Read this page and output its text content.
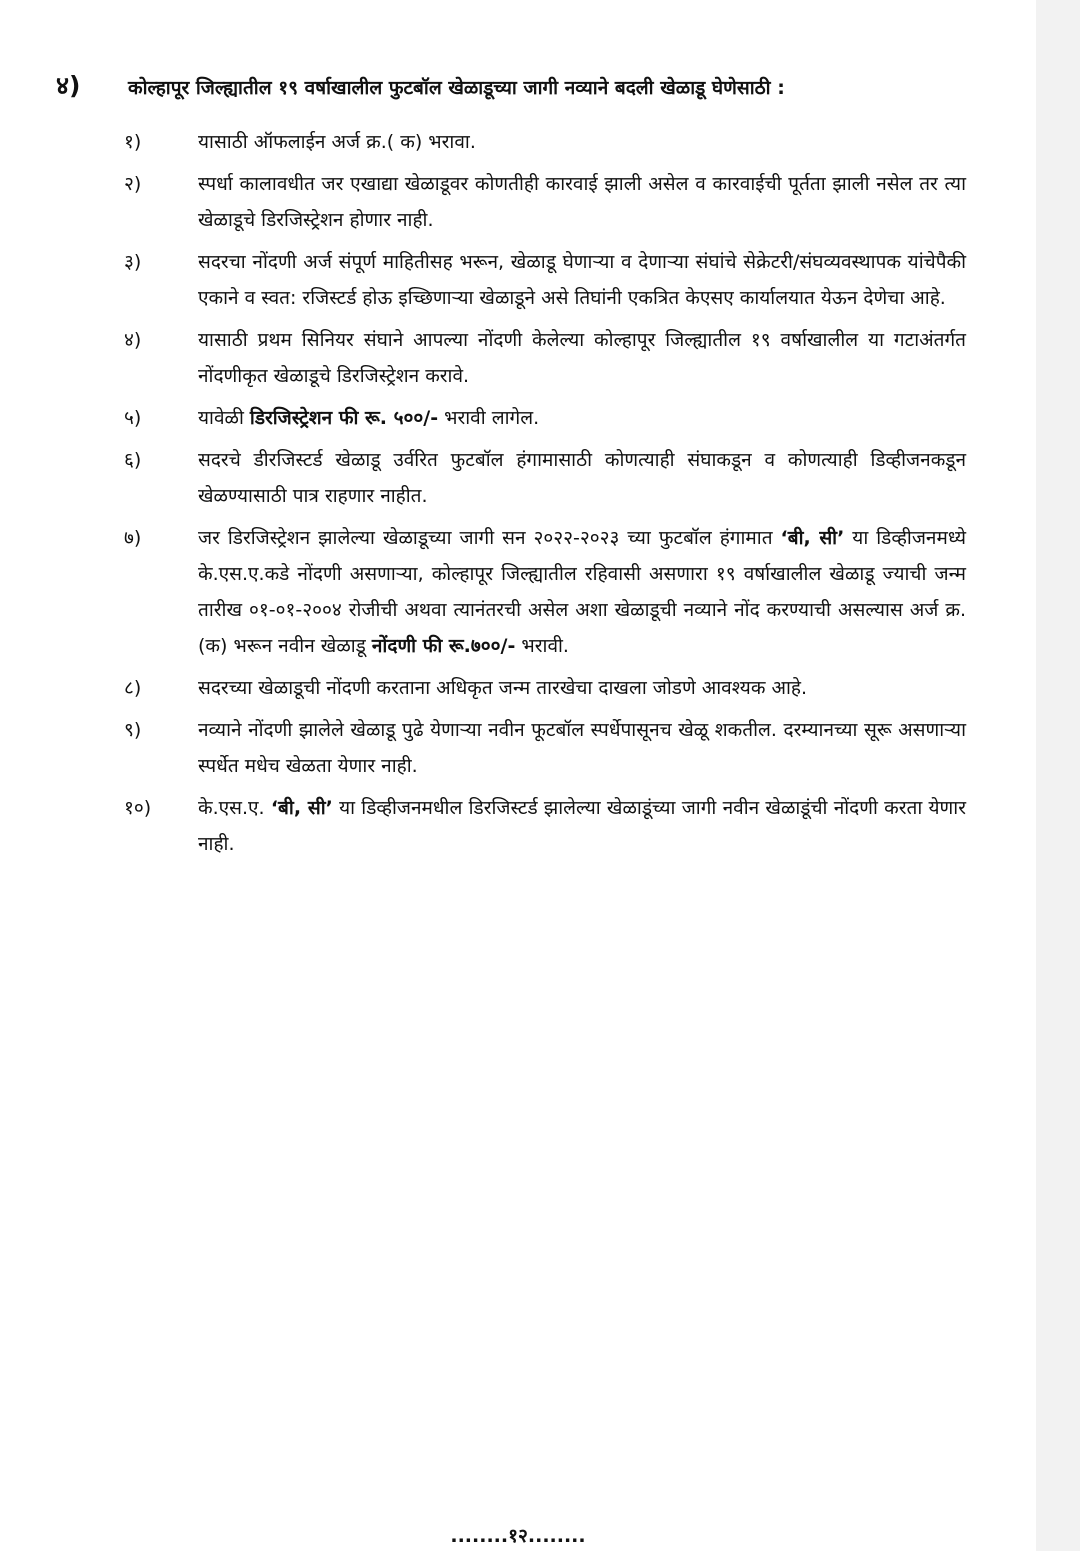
४)	कोल्हापूर जिल्ह्यातील १९ वर्षाखालील फुटबॉल खेळाडूच्या जागी नव्याने बदली खेळाडू घेणेसाठी :
१)	यासाठी ऑफलाईन अर्ज क्र.( क) भरावा.
२)	स्पर्धा कालावधीत जर एखाद्या खेळाडूवर कोणतीही कारवाई झाली असेल व कारवाईची पूर्तता झाली नसेल तर त्या खेळाडूचे डिरजिस्ट्रेशन होणार नाही.
३)	सदरचा नोंदणी अर्ज संपूर्ण माहितीसह भरून, खेळाडू घेणाऱ्या व देणाऱ्या संघांचे सेक्रेटरी/संघव्यवस्थापक यांचेपैकी एकाने व स्वत: रजिस्टर्ड होऊ इच्छिणाऱ्या खेळाडूने असे तिघांनी एकत्रित केएसए कार्यालयात येऊन देणेचा आहे.
४)	यासाठी प्रथम सिनियर संघाने आपल्या नोंदणी केलेल्या कोल्हापूर जिल्ह्यातील १९ वर्षाखालील या गटाअंतर्गत नोंदणीकृत खेळाडूचे डिरजिस्ट्रेशन करावे.
५)	यावेळी डिरजिस्ट्रेशन फी रू. ५००/- भरावी लागेल.
६)	सदरचे डीरजिस्टर्ड खेळाडू उर्वरित फुटबॉल हंगामासाठी कोणत्याही संघाकडून व कोणत्याही डिव्हीजनकडून खेळण्यासाठी पात्र राहणार नाहीत.
७)	जर डिरजिस्ट्रेशन झालेल्या खेळाडूच्या जागी सन २०२२-२०२३ च्या फुटबॉल हंगामात ‘बी, सी’ या डिव्हीजनमध्ये के.एस.ए.कडे नोंदणी असणाऱ्या, कोल्हापूर जिल्ह्यातील रहिवासी असणारा १९ वर्षाखालील खेळाडू ज्याची जन्म तारीख ०१-०१-२००४ रोजीची अथवा त्यानंतरची असेल अशा खेळाडूची नव्याने नोंद करण्याची असल्यास अर्ज क्र.(क) भरून नवीन खेळाडू नोंदणी फी रू.७००/- भरावी.
८)	सदरच्या खेळाडूची नोंदणी करताना अधिकृत जन्म तारखेचा दाखला जोडणे आवश्यक आहे.
९)	नव्याने नोंदणी झालेले खेळाडू पुढे येणाऱ्या नवीन फूटबॉल स्पर्धेपासूनच खेळू शकतील. दरम्यानच्या सूरू असणाऱ्या स्पर्धेत मधेच खेळता येणार नाही.
१०)	के.एस.ए. ‘बी, सी’ या डिव्हीजनमधील डिरजिस्टर्ड झालेल्या खेळाडूंच्या जागी नवीन खेळाडूंची नोंदणी करता येणार नाही.
........१२........
